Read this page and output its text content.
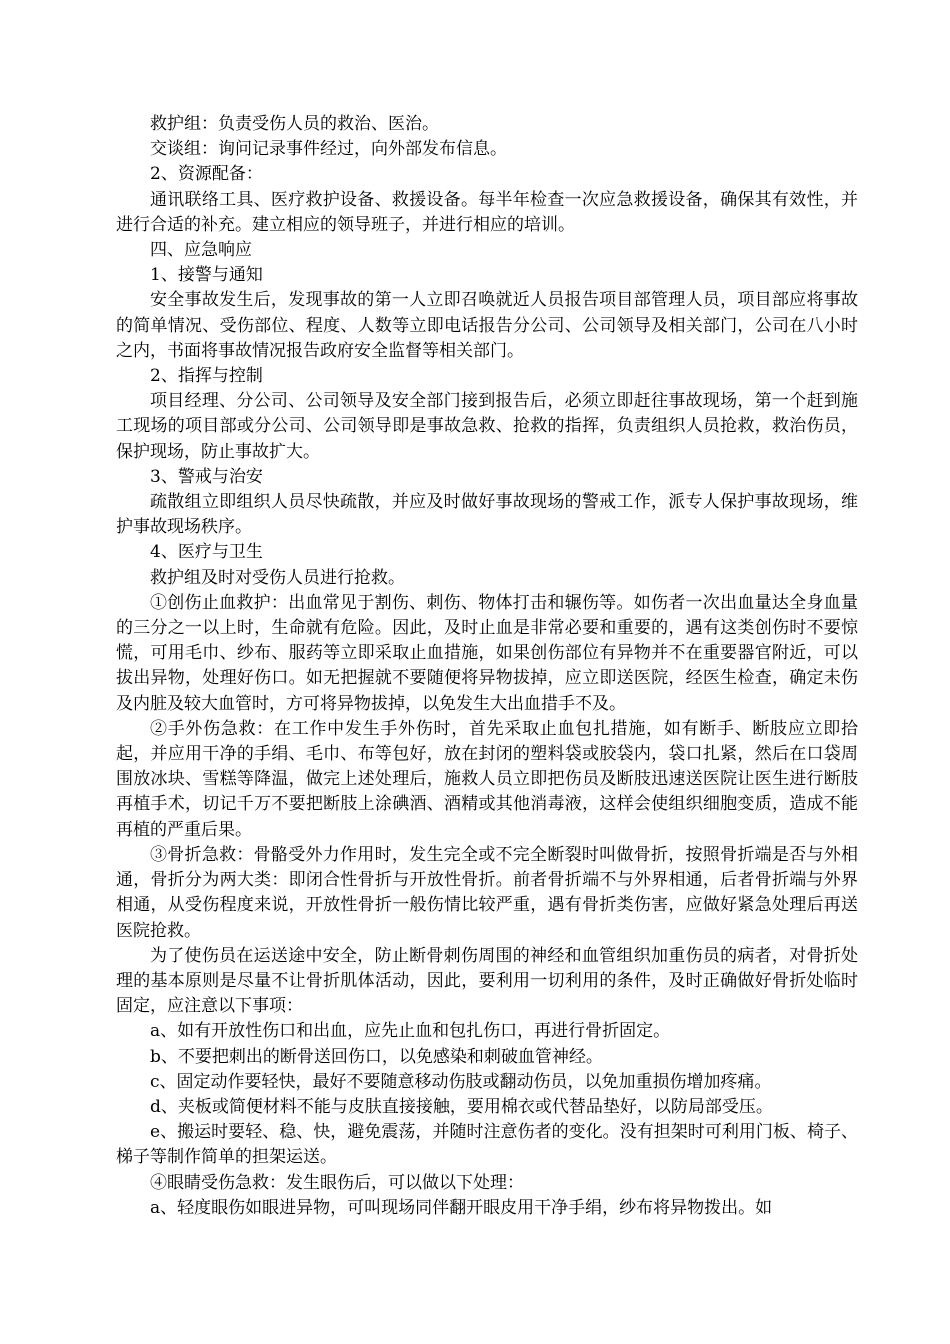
救护组：负责受伤人员的救治、医治。

交谈组：询问记录事件经过，向外部发布信息。

2、资源配备：

通讯联络工具、医疗救护设备、救援设备。每半年检查一次应急救援设备，确保其有效性，并进行合适的补充。建立相应的领导班子，并进行相应的培训。

四、应急响应

1、接警与通知

安全事故发生后，发现事故的第一人立即召唤就近人员报告项目部管理人员，项目部应将事故的简单情况、受伤部位、程度、人数等立即电话报告分公司、公司领导及相关部门，公司在八小时之内，书面将事故情况报告政府安全监督等相关部门。

2、指挥与控制

项目经理、分公司、公司领导及安全部门接到报告后，必须立即赶往事故现场，第一个赶到施工现场的项目部或分公司、公司领导即是事故急救、抢救的指挥，负责组织人员抢救，救治伤员，保护现场，防止事故扩大。

3、警戒与治安

疏散组立即组织人员尽快疏散，并应及时做好事故现场的警戒工作，派专人保护事故现场，维护事故现场秩序。

4、医疗与卫生

救护组及时对受伤人员进行抢救。

①创伤止血救护：出血常见于割伤、刺伤、物体打击和辗伤等。如伤者一次出血量达全身血量的三分之一以上时，生命就有危险。因此，及时止血是非常必要和重要的，遇有这类创伤时不要惊慌，可用毛巾、纱布、服药等立即采取止血措施，如果创伤部位有异物并不在重要器官附近，可以拔出异物，处理好伤口。如无把握就不要随便将异物拔掉，应立即送医院，经医生检查，确定未伤及内脏及较大血管时，方可将异物拔掉，以免发生大出血措手不及。

②手外伤急救：在工作中发生手外伤时，首先采取止血包扎措施，如有断手、断肢应立即拾起，并应用干净的手绢、毛巾、布等包好，放在封闭的塑料袋或胶袋内，袋口扎紧，然后在口袋周围放冰块、雪糕等降温，做完上述处理后，施救人员立即把伤员及断肢迅速送医院让医生进行断肢再植手术，切记千万不要把断肢上涂碘酒、酒精或其他消毒液，这样会使组织细胞变质，造成不能再植的严重后果。

③骨折急救：骨骼受外力作用时，发生完全或不完全断裂时叫做骨折，按照骨折端是否与外相通，骨折分为两大类：即闭合性骨折与开放性骨折。前者骨折端不与外界相通，后者骨折端与外界相通，从受伤程度来说，开放性骨折一般伤情比较严重，遇有骨折类伤害，应做好紧急处理后再送医院抢救。

为了使伤员在运送途中安全，防止断骨刺伤周围的神经和血管组织加重伤员的病者，对骨折处理的基本原则是尽量不让骨折肌体活动，因此，要利用一切利用的条件，及时正确做好骨折处临时固定，应注意以下事项：

a、如有开放性伤口和出血，应先止血和包扎伤口，再进行骨折固定。

b、不要把刺出的断骨送回伤口，以免感染和刺破血管神经。

c、固定动作要轻快，最好不要随意移动伤肢或翻动伤员，以免加重损伤增加疼痛。

d、夹板或简便材料不能与皮肤直接接触，要用棉衣或代替品垫好，以防局部受压。

e、搬运时要轻、稳、快，避免震荡，并随时注意伤者的变化。没有担架时可利用门板、椅子、梯子等制作简单的担架运送。

④眼睛受伤急救：发生眼伤后，可以做以下处理：

a、轻度眼伤如眼进异物，可叫现场同伴翻开眼皮用干净手绢，纱布将异物拨出。如
